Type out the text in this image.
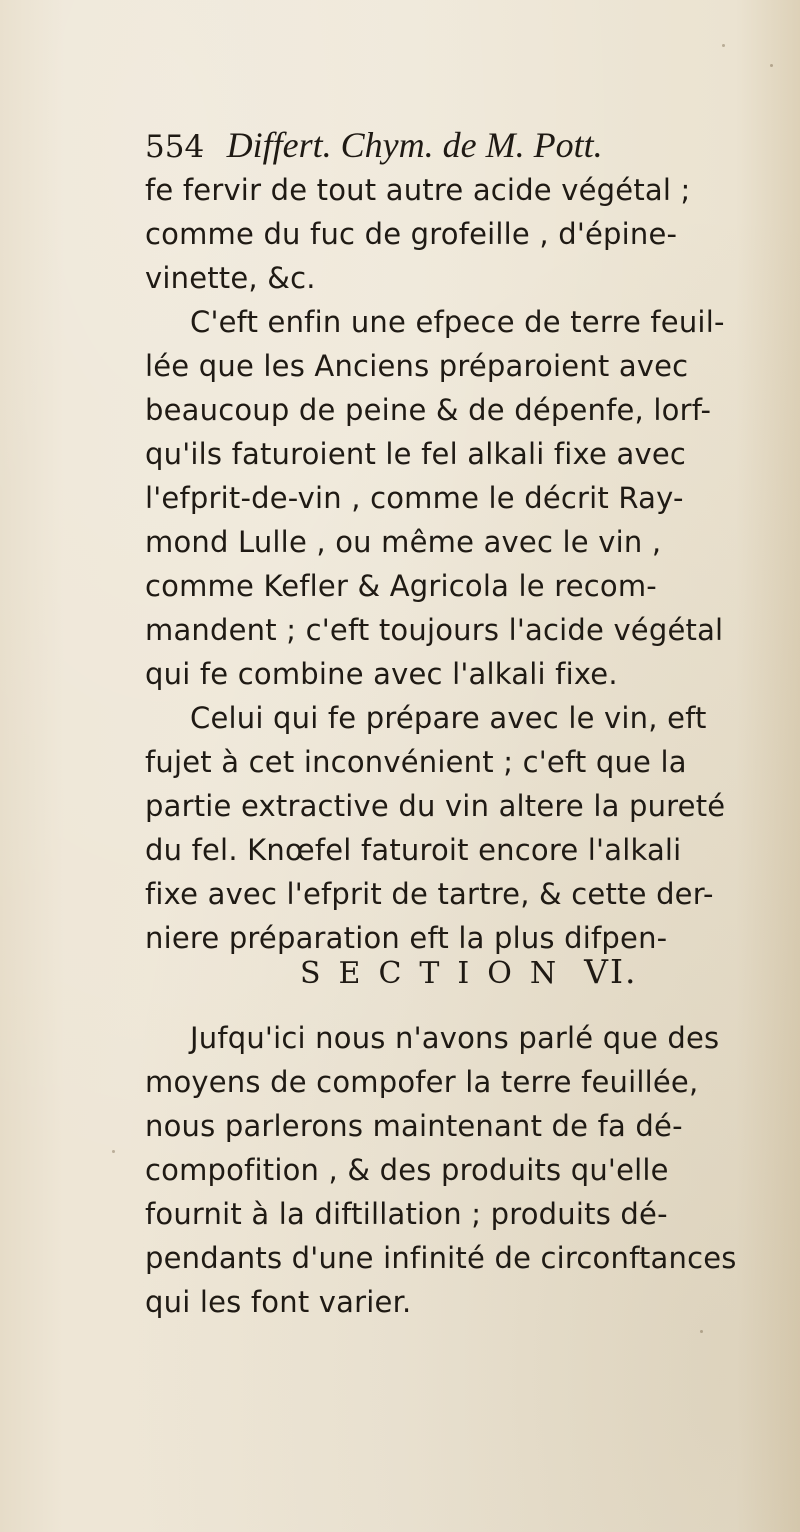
554 Differt. Chym. de M. Pott.
fe fervir de tout autre acide végétal ;
comme du fuc de grofeille , d'épine-
vinette, &c.
C'eft enfin une efpece de terre feuil-
lée que les Anciens préparoient avec
beaucoup de peine & de dépenfe, lorf-
qu'ils faturoient le fel alkali fixe avec
l'efprit-de-vin , comme le décrit Ray-
mond Lulle , ou même avec le vin ,
comme Kefler & Agricola le recom-
mandent ; c'eft toujours l'acide végétal
qui fe combine avec l'alkali fixe.
Celui qui fe prépare avec le vin, eft
fujet à cet inconvénient ; c'eft que la
partie extractive du vin altere la pureté
du fel. Knœfel faturoit encore l'alkali
fixe avec l'efprit de tartre, & cette der-
niere préparation eft la plus difpen-
SECTION VI.
Jufqu'ici nous n'avons parlé que des
moyens de compofer la terre feuillée,
nous parlerons maintenant de fa dé-
compofition , & des produits qu'elle
fournit à la diftillation ; produits dé-
pendants d'une infinité de circonftances
qui les font varier.
